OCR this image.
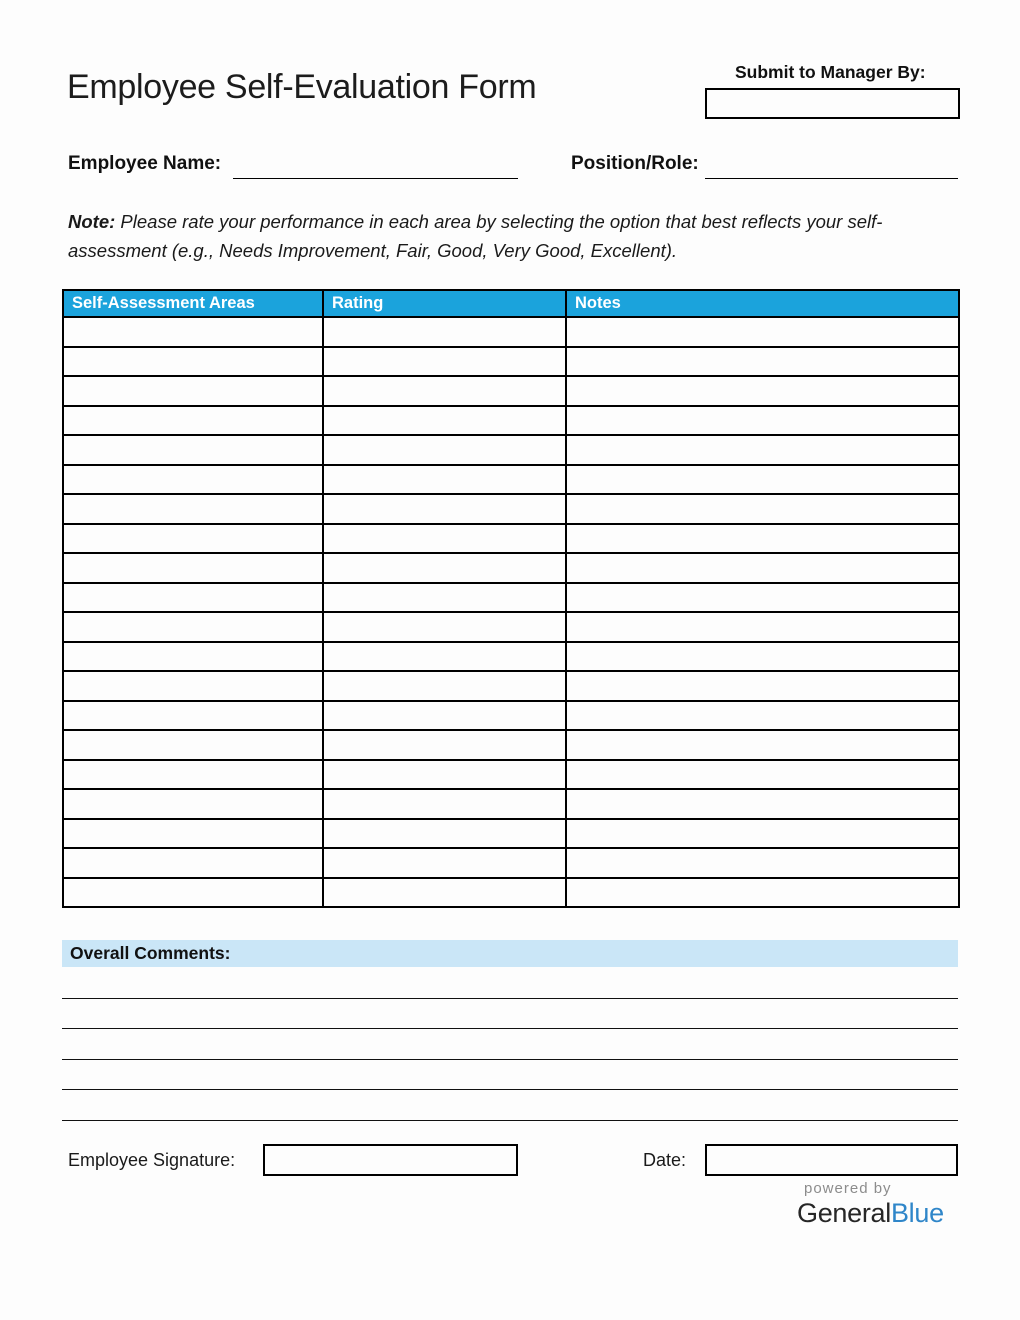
Employee Self-Evaluation Form	Submit to Manager By:
Employee Name:	Position/Role:

Note: Please rate your performance in each area by selecting the option that best reflects your self-
assessment (e.g., Needs Improvement, Fair, Good, Very Good, Excellent).

Self-Assessment Areas	Rating	Notes

Overall Comments:
Employee Signature:	Date:
powered by
GeneralBlue
